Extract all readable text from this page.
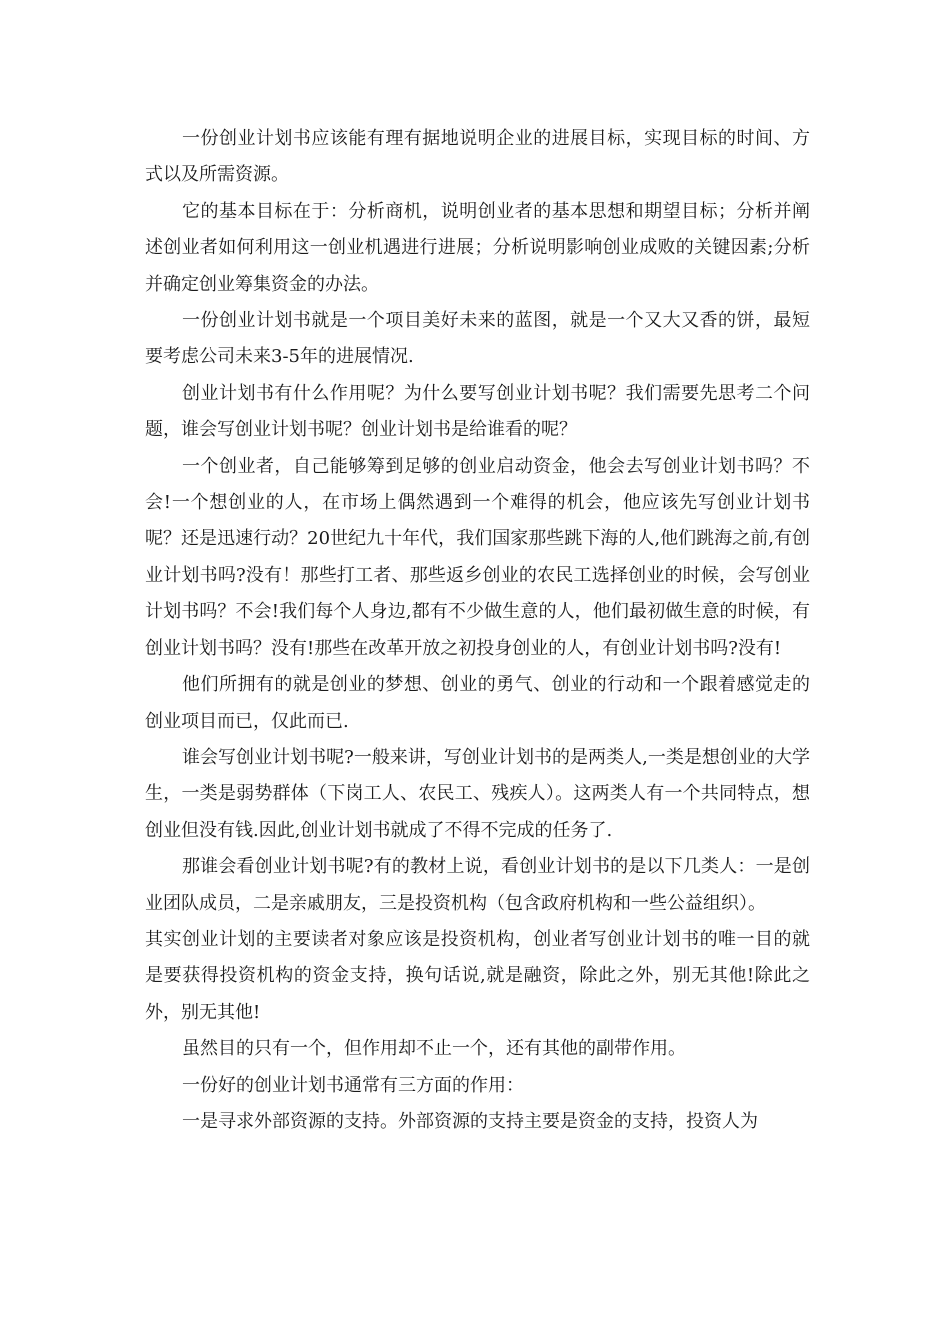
一份创业计划书应该能有理有据地说明企业的进展目标，实现目标的时间、方式以及所需资源。

它的基本目标在于：分析商机，说明创业者的基本思想和期望目标；分析并阐述创业者如何利用这一创业机遇进行进展；分析说明影响创业成败的关键因素;分析并确定创业筹集资金的办法。

一份创业计划书就是一个项目美好未来的蓝图，就是一个又大又香的饼，最短要考虑公司未来3-5年的进展情况.

创业计划书有什么作用呢？为什么要写创业计划书呢？我们需要先思考二个问题，谁会写创业计划书呢？创业计划书是给谁看的呢？

一个创业者，自己能够筹到足够的创业启动资金，他会去写创业计划书吗？不会!一个想创业的人，在市场上偶然遇到一个难得的机会，他应该先写创业计划书呢？还是迅速行动？20世纪九十年代，我们国家那些跳下海的人,他们跳海之前,有创业计划书吗?没有！那些打工者、那些返乡创业的农民工选择创业的时候，会写创业计划书吗？不会!我们每个人身边,都有不少做生意的人，他们最初做生意的时候，有创业计划书吗？没有!那些在改革开放之初投身创业的人，有创业计划书吗?没有!

他们所拥有的就是创业的梦想、创业的勇气、创业的行动和一个跟着感觉走的创业项目而已，仅此而已.

谁会写创业计划书呢?一般来讲，写创业计划书的是两类人,一类是想创业的大学生，一类是弱势群体（下岗工人、农民工、残疾人）。这两类人有一个共同特点，想创业但没有钱.因此,创业计划书就成了不得不完成的任务了.

那谁会看创业计划书呢?有的教材上说，看创业计划书的是以下几类人：一是创业团队成员，二是亲戚朋友，三是投资机构（包含政府机构和一些公益组织）。

其实创业计划的主要读者对象应该是投资机构，创业者写创业计划书的唯一目的就是要获得投资机构的资金支持，换句话说,就是融资，除此之外，别无其他!除此之外，别无其他!

虽然目的只有一个，但作用却不止一个，还有其他的副带作用。

一份好的创业计划书通常有三方面的作用：

一是寻求外部资源的支持。外部资源的支持主要是资金的支持，投资人为
